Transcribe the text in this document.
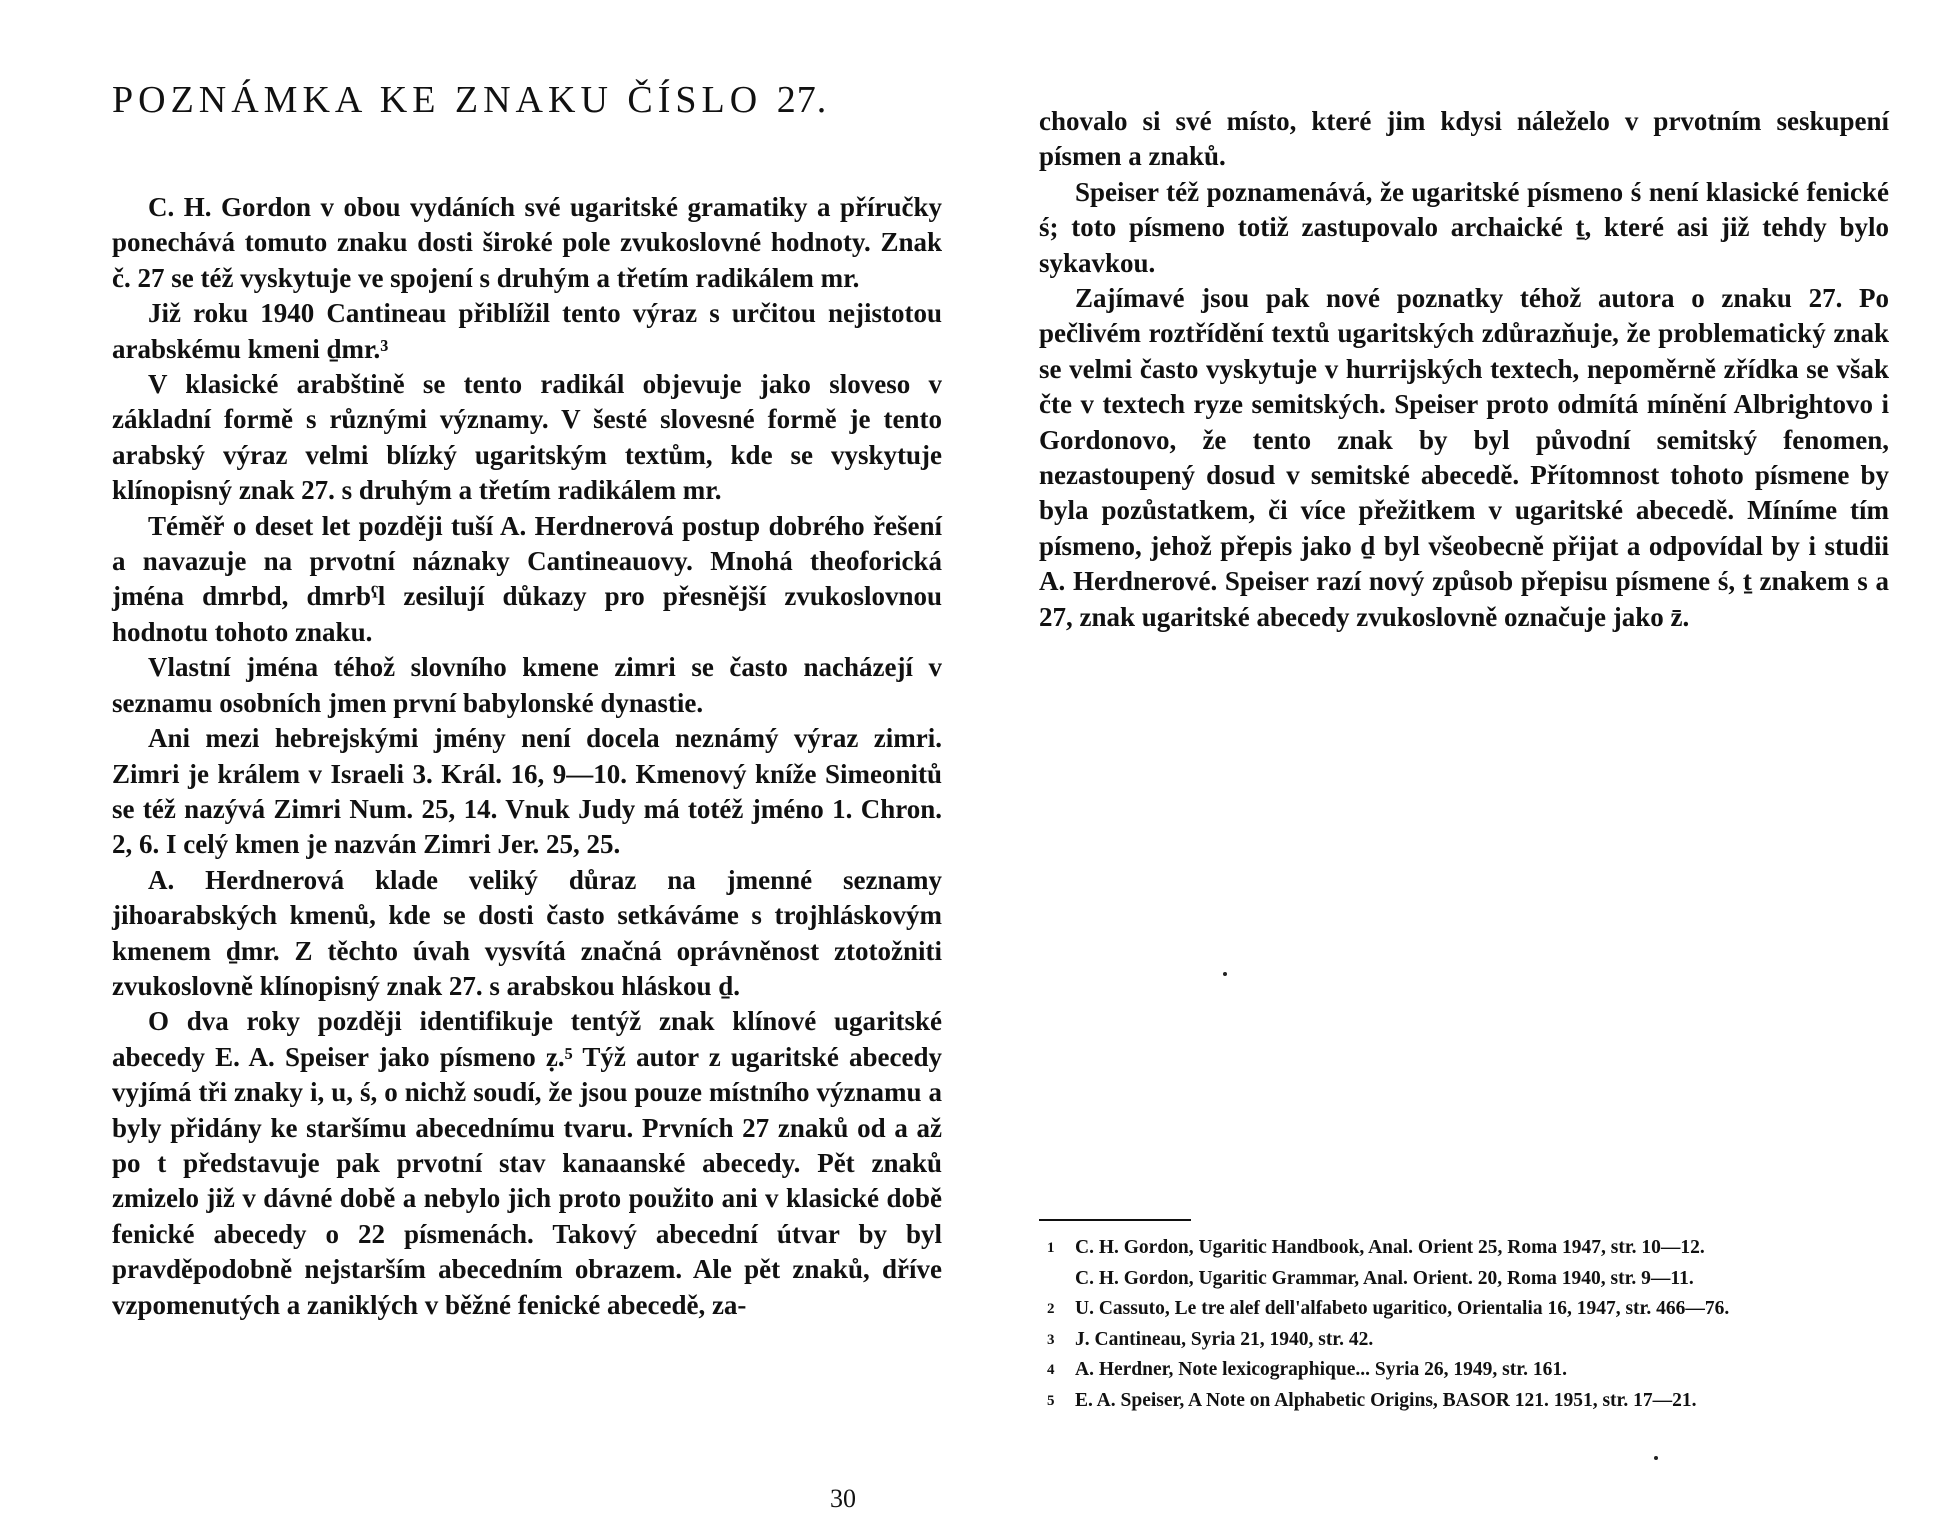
POZNÁMKA KE ZNAKU ČÍSLO 27.

C. H. Gordon v obou vydáních své ugaritské gramatiky a příručky ponechává tomuto znaku dosti široké pole zvukoslovné hodnoty. Znak č. 27 se též vyskytuje ve spojení s druhým a třetím radikálem mr.

Již roku 1940 Cantineau přiblížil tento výraz s určitou nejistotou arabskému kmeni ḏmr.³

V klasické arabštině se tento radikál objevuje jako sloveso v základní formě s různými významy. V šesté slovesné formě je tento arabský výraz velmi blízký ugaritským textům, kde se vyskytuje klínopisný znak 27. s druhým a třetím radikálem mr.

Téměř o deset let později tuší A. Herdnerová postup dobrého řešení a navazuje na prvotní náznaky Cantineauovy. Mnohá theoforická jména dmrbd, dmrbˁl zesilují důkazy pro přesnější zvukoslovnou hodnotu tohoto znaku.

Vlastní jména téhož slovního kmene zimri se často nacházejí v seznamu osobních jmen první babylonské dynastie.

Ani mezi hebrejskými jmény není docela neznámý výraz zimri. Zimri je králem v Israeli 3. Král. 16, 9—10. Kmenový kníže Simeonitů se též nazývá Zimri Num. 25, 14. Vnuk Judy má totéž jméno 1. Chron. 2, 6. I celý kmen je nazván Zimri Jer. 25, 25.

A. Herdnerová klade veliký důraz na jmenné seznamy jihoarabských kmenů, kde se dosti často setkáváme s trojhláskovým kmenem ḏmr. Z těchto úvah vysvítá značná oprávněnost ztotožniti zvukoslovně klínopisný znak 27. s arabskou hláskou ḏ.

O dva roky později identifikuje tentýž znak klínové ugaritské abecedy E. A. Speiser jako písmeno ẓ.⁵ Týž autor z ugaritské abecedy vyjímá tři znaky i, u, ś, o nichž soudí, že jsou pouze místního významu a byly přidány ke staršímu abecednímu tvaru. Prvních 27 znaků od a až po t představuje pak prvotní stav kanaanské abecedy. Pět znaků zmizelo již v dávné době a nebylo jich proto použito ani v klasické době fenické abecedy o 22 písmenách. Takový abecední útvar by byl pravděpodobně nejstarším abecedním obrazem. Ale pět znaků, dříve vzpomenutých a zaniklých v běžné fenické abecedě, za-

30

chovalo si své místo, které jim kdysi náleželo v prvotním seskupení písmen a znaků.

Speiser též poznamenává, že ugaritské písmeno ś není klasické fenické ś; toto písmeno totiž zastupovalo archaické ṯ, které asi již tehdy bylo sykavkou.

Zajímavé jsou pak nové poznatky téhož autora o znaku 27. Po pečlivém roztřídění textů ugaritských zdůrazňuje, že problematický znak se velmi často vyskytuje v hurrijských textech, nepoměrně zřídka se však čte v textech ryze semitských. Speiser proto odmítá mínění Albrightovo i Gordonovo, že tento znak by byl původní semitský fenomen, nezastoupený dosud v semitské abecedě. Přítomnost tohoto písmene by byla pozůstatkem, či více přežitkem v ugaritské abecedě. Míníme tím písmeno, jehož přepis jako ḏ byl všeobecně přijat a odpovídal by i studii A. Herdnerové. Speiser razí nový způsob přepisu písmene ś, ṯ znakem s a 27, znak ugaritské abecedy zvukoslovně označuje jako z̄.

1 C. H. Gordon, Ugaritic Handbook, Anal. Orient 25, Roma 1947, str. 10—12.
C. H. Gordon, Ugaritic Grammar, Anal. Orient. 20, Roma 1940, str. 9—11.
2 U. Cassuto, Le tre alef dell'alfabeto ugaritico, Orientalia 16, 1947, str. 466—76.
3 J. Cantineau, Syria 21, 1940, str. 42.
4 A. Herdner, Note lexicographique... Syria 26, 1949, str. 161.
5 E. A. Speiser, A Note on Alphabetic Origins, BASOR 121. 1951, str. 17—21.
